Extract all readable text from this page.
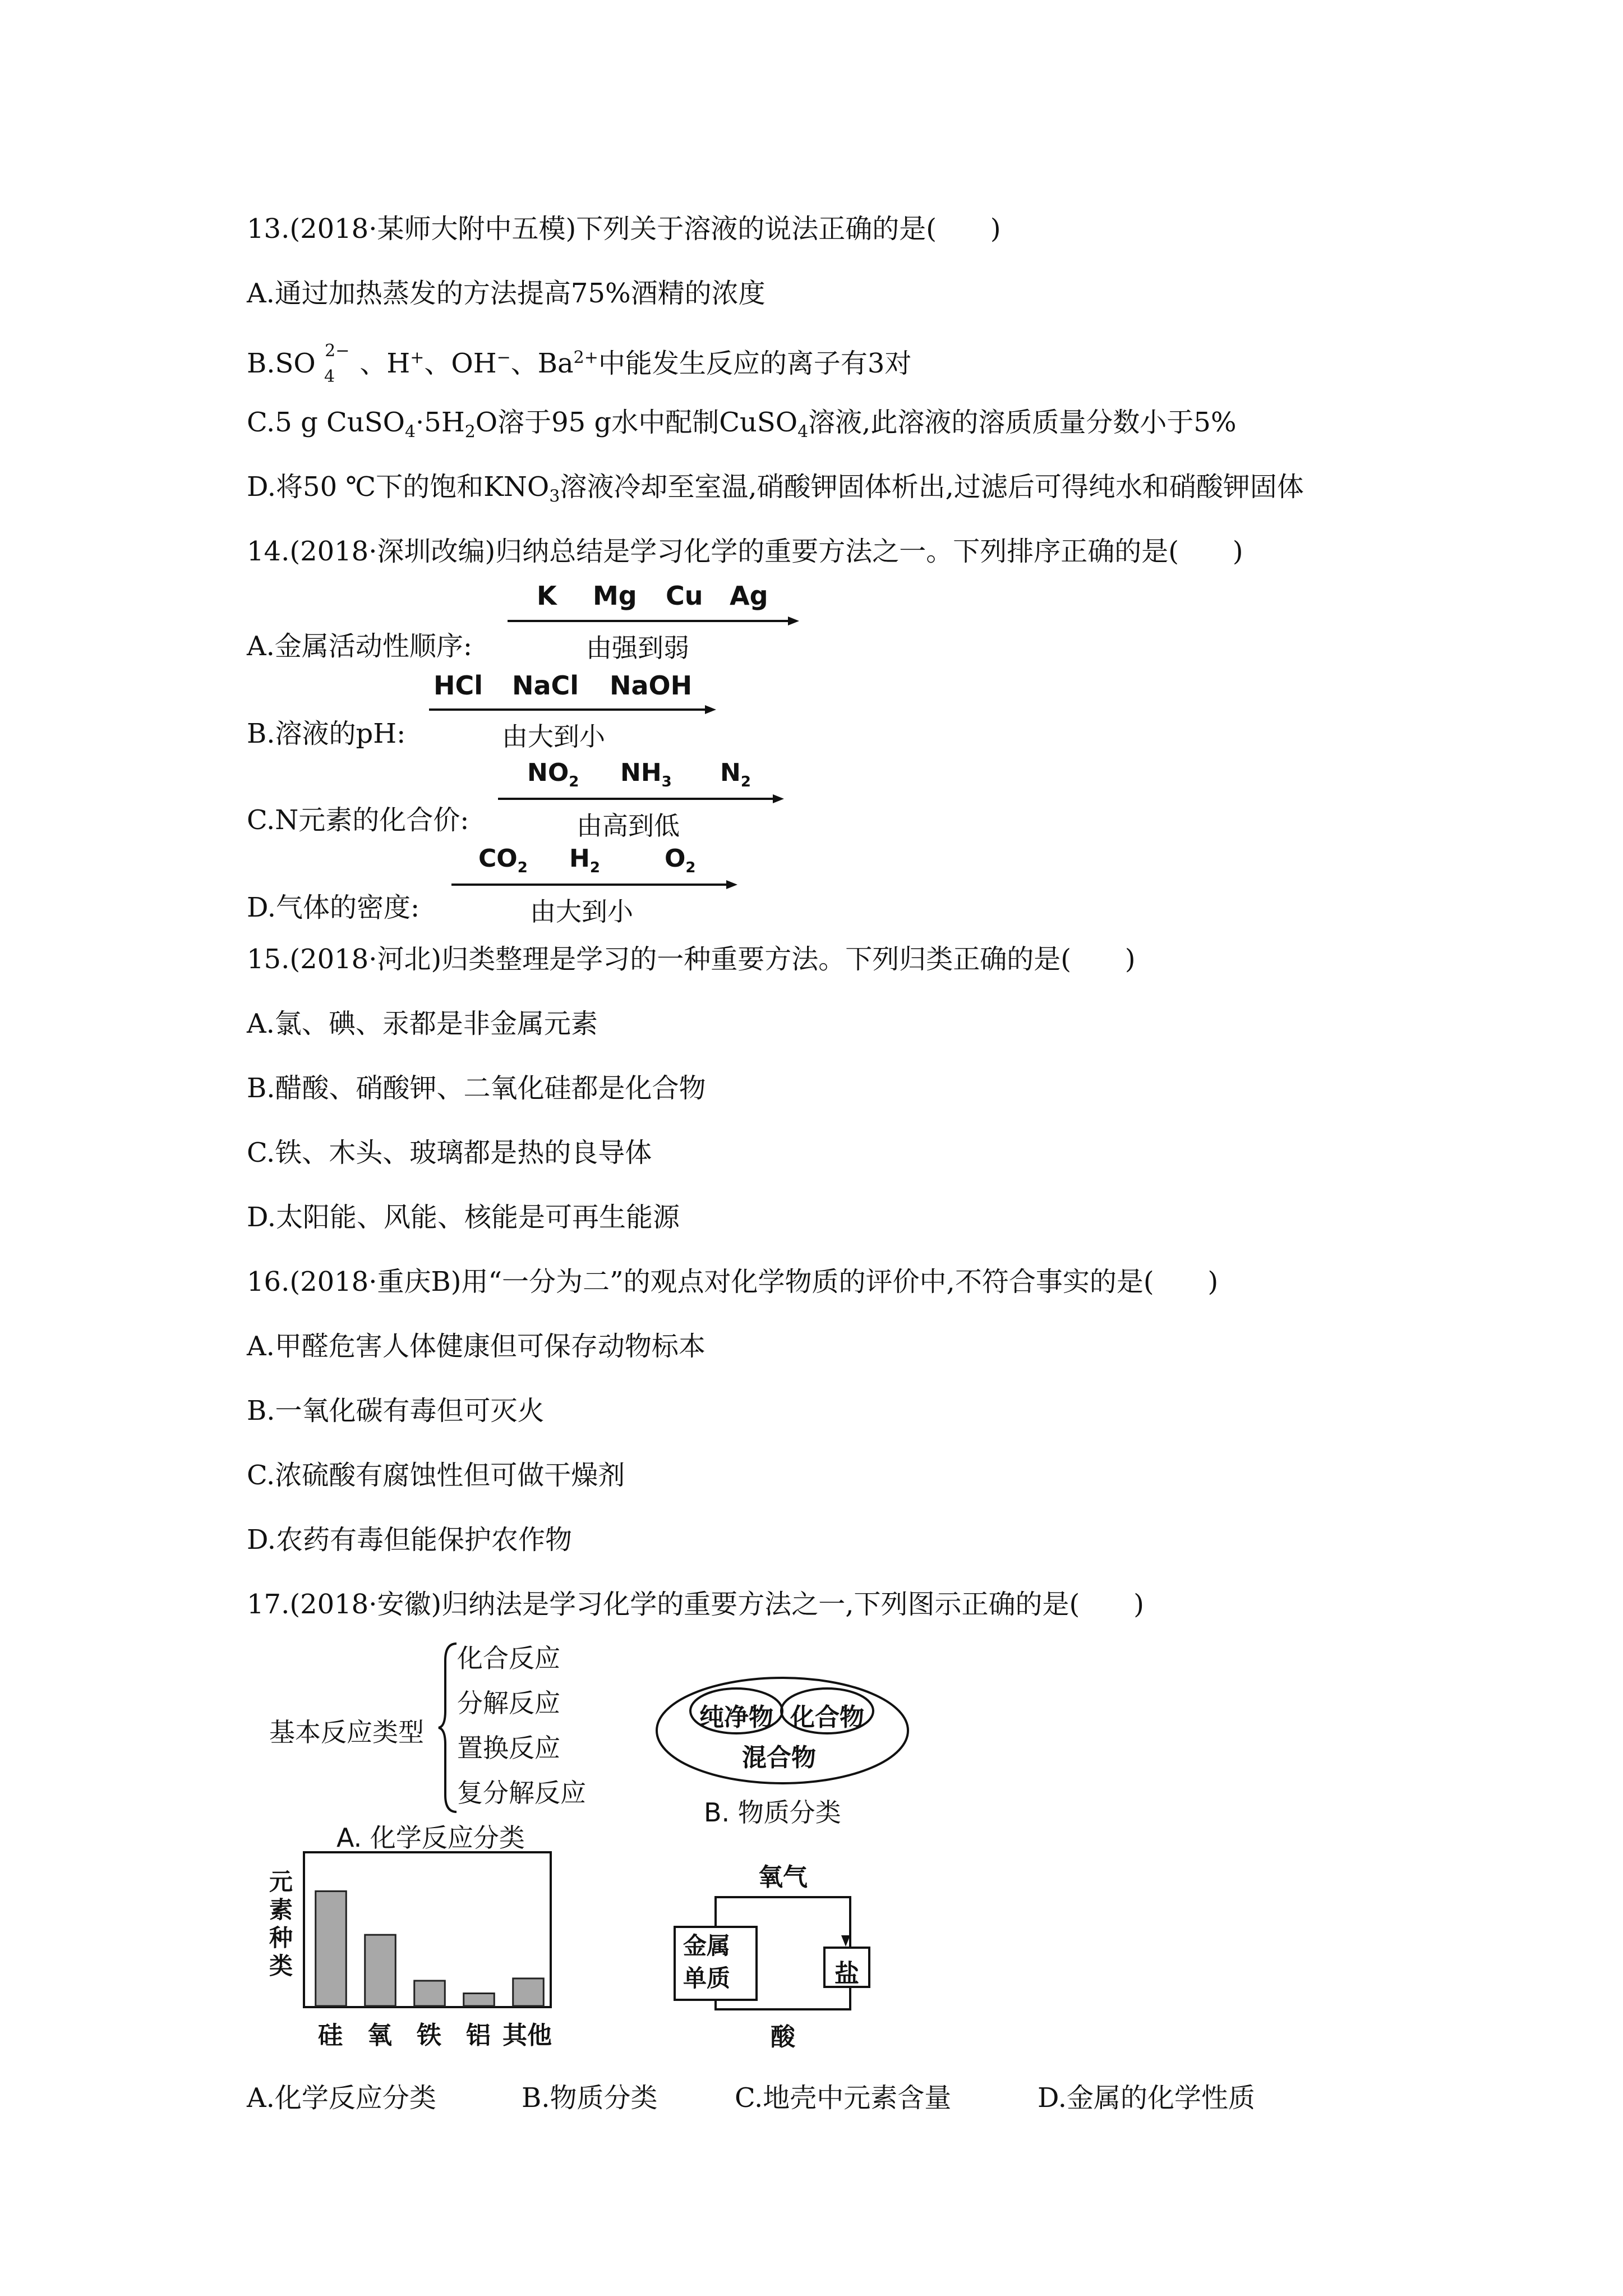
13.(2018·某师大附中五模)下列关于溶液的说法正确的是(　　)
A.通过加热蒸发的方法提高75%酒精的浓度
B.SO $_4^{2-}$ 、H+、OH−、$Ba^{2+}$中能发生反应的离子有3对
C.5 g $CuSO_4\cdot 5H_2O$溶于95 g水中配制CuSO$_4$溶液,此溶液的溶质质量分数小于5%
D.将50 ℃下的饱和$KNO_3$溶液冷却至室温,硝酸钾固体析出,过滤后可得纯水和硝酸钾固体
14.(2018·深圳改编)归纳总结是学习化学的重要方法之一。下列排序正确的是(　　)
A.金属活动性顺序:
K Mg Cu Ag
由强到弱
B.溶液的pH:
HCl NaCl NaOH
由大到小
C.N元素的化合价:
$NO_2$ $NH_3$ $N_2$
由高到低
D.气体的密度:
$CO_2$ $H_2$	$O_2$
由大到小
15.(2018·河北)归类整理是学习的一种重要方法。下列归类正确的是(　　)
A.氯、碘、汞都是非金属元素
B.醋酸、硝酸钾、二氧化硅都是化合物
C.铁、木头、玻璃都是热的良导体
D.太阳能、风能、核能是可再生能源
16.(2018·重庆B)用“一分为二”的观点对化学物质的评价中,不符合事实的是(　　)
A.甲醛危害人体健康但可保存动物标本
B.一氧化碳有毒但可灭火
C.浓硫酸有腐蚀性但可做干燥剂
D.农药有毒但能保护农作物
17.(2018·安徽)归纳法是学习化学的重要方法之一,下列图示正确的是(　　)
基本反应类型
化合反应
分解反应
置换反应
复分解反应
A. 化学反应分类
纯净物 化合物
混合物
B. 物质分类
元素种类
硅 氧 铁 铝 其他
氧气
金属单质	盐
酸
A.化学反应分类	B.物质分类	C.地壳中元素含量	D.金属的化学性质
